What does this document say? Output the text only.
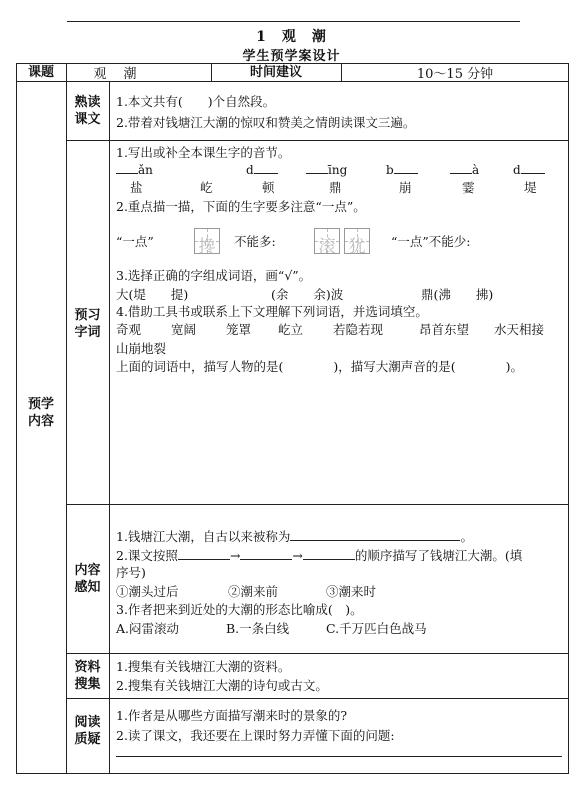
1　观　潮
学生预学案设计
课题	观　潮	时间建议	10～15 分钟
预学
内容
熟读
课文
1.本文共有(　　)个自然段。
2.带着对钱塘江大潮的惊叹和赞美之情朗读课文三遍。
预习
字词
1.写出或补全本课生字的音节。
ǎn	d	īng	b	à	d
盐	屹	顿	鼎	崩	霎	堤
2.重点描一描，下面的生字要多注意“一点”。
“一点”	搀 不能多:	滚 犹 “一点”不能少:
3.选择正确的字组成词语，画“√”。
大(堤　　提)	(余　　余)波	鼎(沸　　拂)
4.借助工具书或联系上下文理解下列词语，并选词填空。
奇观 宽阔 笼罩 屹立 若隐若现	昂首东望 水天相接
山崩地裂
上面的词语中，描写人物的是(　　　　)，描写大潮声音的是(　　　　)。
内容
感知
1.钱塘江大潮，自古以来被称为	。
2.课文按照	→	→	的顺序描写了钱塘江大潮。(填
序号)
①潮头过后	②潮来前	③潮来时
3.作者把来到近处的大潮的形态比喻成(　)。
A.闷雷滚动	B.一条白线	C.千万匹白色战马
资料
搜集
1.搜集有关钱塘江大潮的资料。
2.搜集有关钱塘江大潮的诗句或古文。
阅读
质疑
1.作者是从哪些方面描写潮来时的景象的?
2.读了课文，我还要在上课时努力弄懂下面的问题:
